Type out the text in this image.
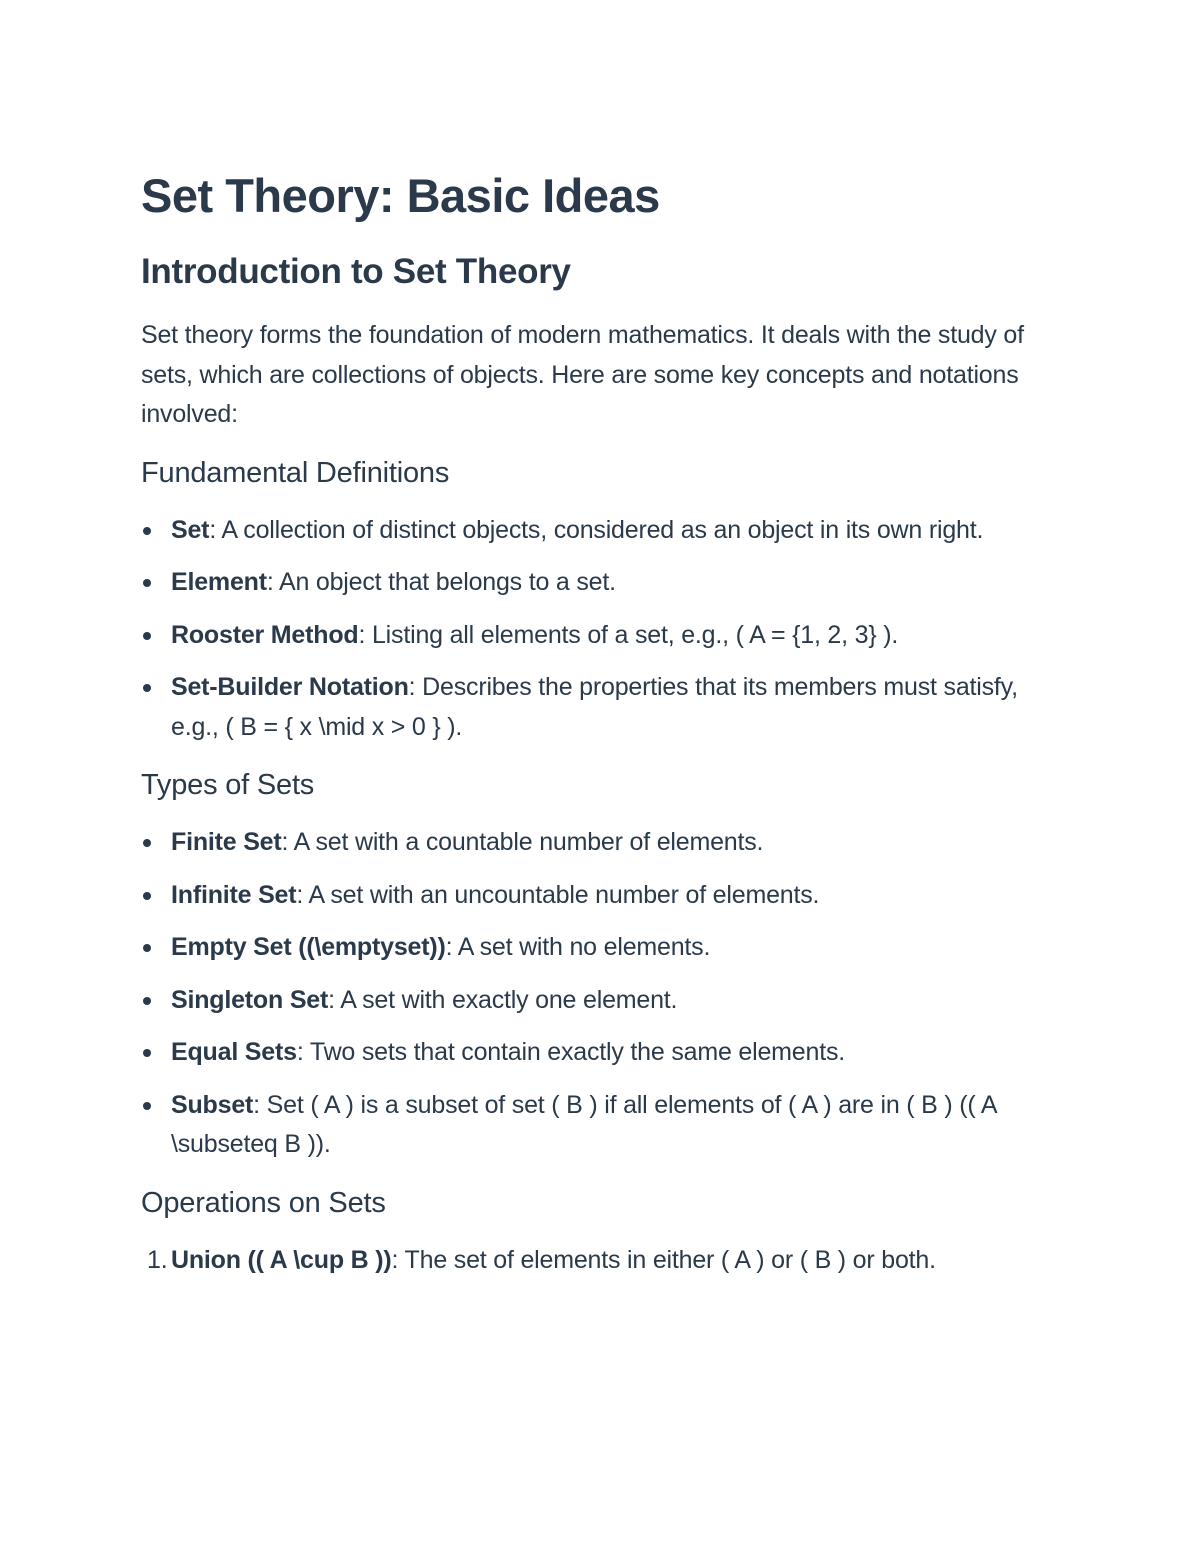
Set Theory: Basic Ideas
Introduction to Set Theory

Set theory forms the foundation of modern mathematics. It deals with the study of sets, which are collections of objects. Here are some key concepts and notations involved:

Fundamental Definitions
Set: A collection of distinct objects, considered as an object in its own right.
Element: An object that belongs to a set.
Rooster Method: Listing all elements of a set, e.g., ( A = {1, 2, 3} ).
Set-Builder Notation: Describes the properties that its members must satisfy, e.g., ( B = { x \mid x > 0 } ).
Types of Sets
Finite Set: A set with a countable number of elements.
Infinite Set: A set with an uncountable number of elements.
Empty Set ((\emptyset)): A set with no elements.
Singleton Set: A set with exactly one element.
Equal Sets: Two sets that contain exactly the same elements.
Subset: Set ( A ) is a subset of set ( B ) if all elements of ( A ) are in ( B ) (( A \subseteq B )).
Operations on Sets
1. Union (( A \cup B )): The set of elements in either ( A ) or ( B ) or both.
